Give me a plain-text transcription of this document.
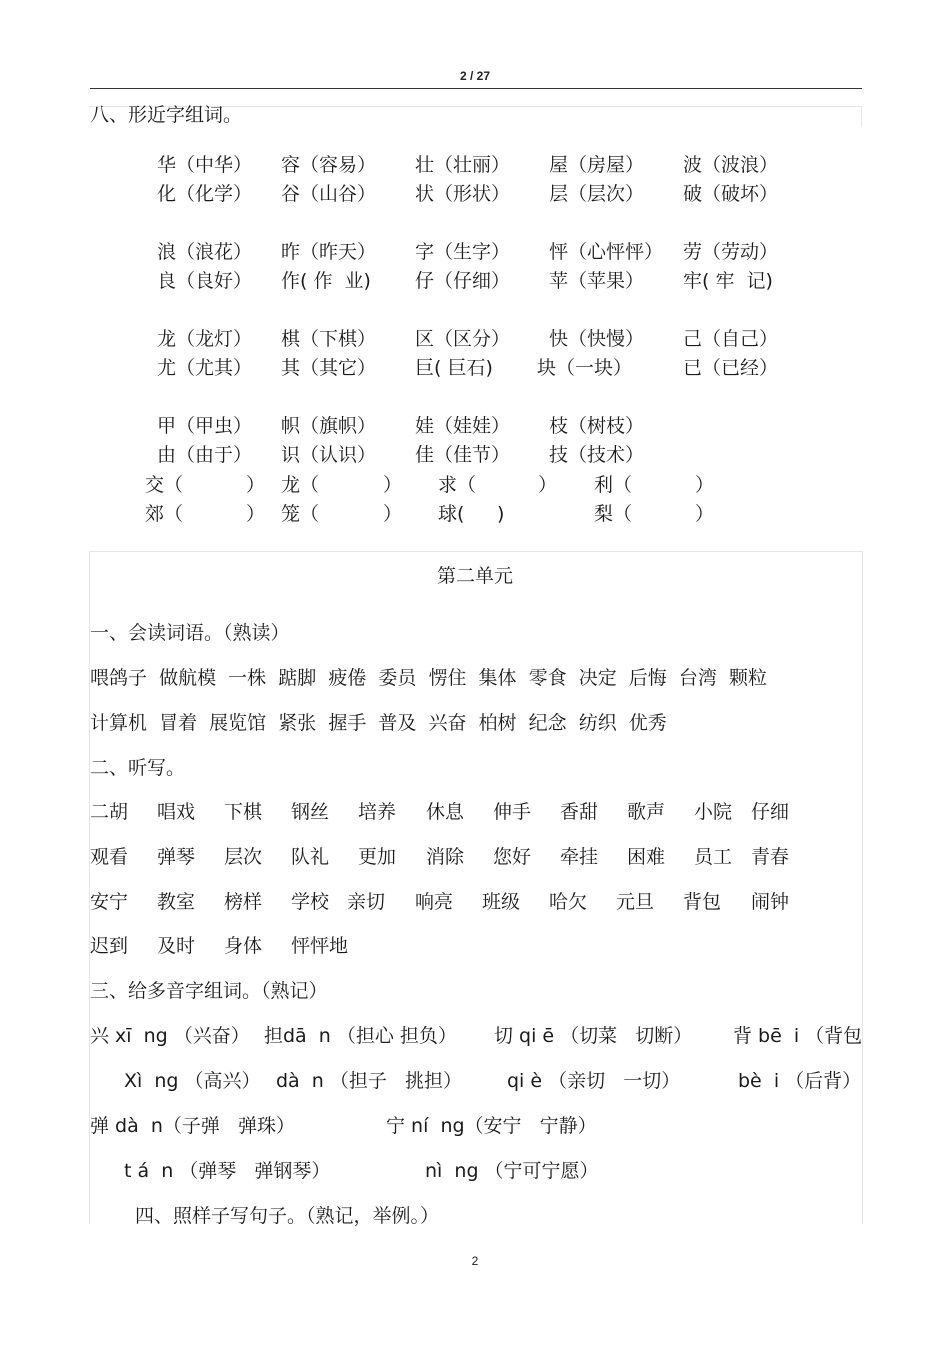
2 / 27
八、形近字组词。
华（中华） 容（容易） 壮（壮丽） 屋（房屋） 波（波浪）
化（化学） 谷（山谷） 状（形状） 层（层次） 破（破坏）
浪（浪花） 昨（昨天） 字（生字） 怦（心怦怦） 劳（劳动）
良（良好） 作( 作  业) 仔（仔细） 苹（苹果） 牢( 牢  记)
龙（龙灯） 棋（下棋） 区（区分） 快（快慢） 己（自己）
尤（尤其） 其（其它） 巨( 巨石) 块（一块）	已（已经）
甲（甲虫） 帜（旗帜） 娃（娃娃） 枝（树枝）
由（由于） 识（认识） 佳（佳节） 技（技术）
交（	） 龙（	） 求（	） 利（	）
郊（	） 笼（	） 球( )	梨（	）
第二单元
一、会读词语。（熟读）
喂鸽子  做航模  一株  踮脚  疲倦  委员  愣住  集体  零食  决定  后悔  台湾  颗粒
计算机  冒着  展览馆  紧张  握手  普及  兴奋  柏树  纪念  纺织  优秀
二、听写。
二胡 唱戏 下棋 钢丝 培养 休息 伸手 香甜 歌声 小院 仔细
观看 弹琴 层次 队礼 更加 消除 您好 牵挂 困难 员工 青春
安宁 教室 榜样 学校 亲切 响亮 班级 哈欠 元旦 背包 闹钟
迟到 及时 身体 怦怦地
三、给多音字组词。（熟记）
兴 xī  ng （兴奋） 担dā  n （担心 担负） 切 qi ē （切菜   切断） 背 bē  i （背包
Xì  ng （高兴） dà  n （担子   挑担） qi è （亲切   一切）	bè  i （后背）
弹 dà  n（子弹   弹珠）	宁 ní  ng（安宁   宁静）
t á  n （弹琴   弹钢琴）	nì  ng （宁可宁愿）
四、照样子写句子。（熟记，举例。）
2
